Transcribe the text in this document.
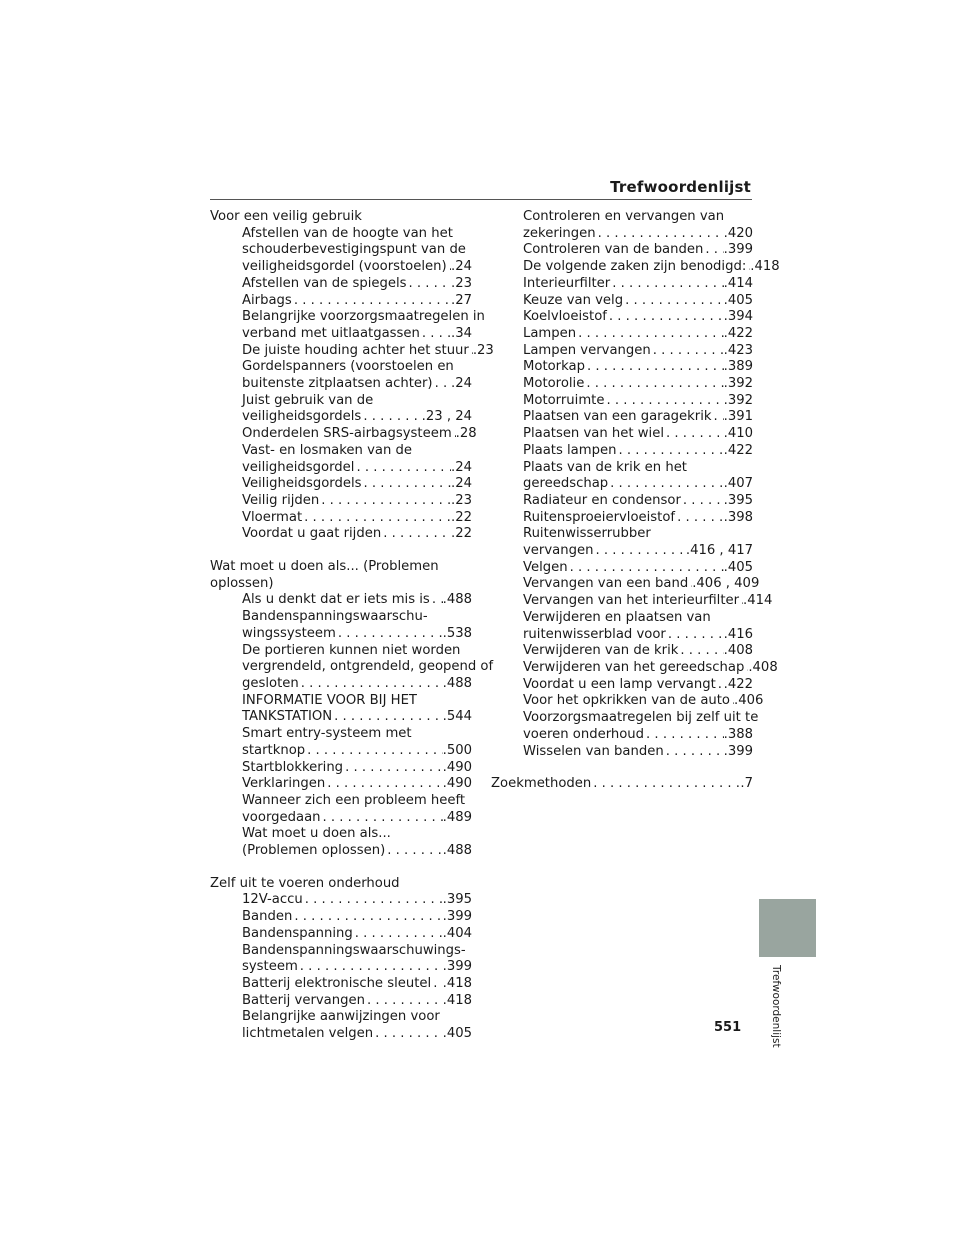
Trefwoordenlijst
Voor een veilig gebruik
Afstellen van de hoogte van het
schouderbevestigingspunt van de
veiligheidsgordel (voorstoelen) . . . .24
Afstellen van de spiegels . . .	.23
Airbags . . .	.27
Belangrijke voorzorgsmaatregelen in
verband met uitlaatgassen . . . .34
De juiste houding achter het stuur . . . .23
Gordelspanners (voorstoelen en
buitenste zitplaatsen achter) . . . .24
Juist gebruik van de
veiligheidsgordels . . .	.23 , 24
Onderdelen SRS-airbagsysteem . . . .28
Vast- en losmaken van de
veiligheidsgordel . . .	.24
Veiligheidsgordels . . .	.24
Veilig rijden . . .	.23
Vloermat . . .	.22
Voordat u gaat rijden . . .	.22
Wat moet u doen als... (Problemen
oplossen)
Als u denkt dat er iets mis is . . . .488
Bandenspanningswaarschu-
wingssysteem . . .	.538
De portieren kunnen niet worden
vergrendeld, ontgrendeld, geopend of
gesloten . . .	.488
INFORMATIE VOOR BIJ HET
TANKSTATION . . .	.544
Smart entry-systeem met
startknop . . .	.500
Startblokkering . . .	.490
Verklaringen . . .	.490
Wanneer zich een probleem heeft
voorgedaan . . .	.489
Wat moet u doen als...
(Problemen oplossen) . . .	.488
Zelf uit te voeren onderhoud
12V-accu . . .	.395
Banden . . .	.399
Bandenspanning . . .	.404
Bandenspanningswaarschuwings-
systeem . . .	.399
Batterij elektronische sleutel . . . .418
Batterij vervangen . . .	.418
Belangrijke aanwijzingen voor
lichtmetalen velgen . . .	.405
Controleren en vervangen van
zekeringen . . .	.420
Controleren van de banden . . . .399
De volgende zaken zijn benodigd: . . . .418
Interieurfilter . . .	.414
Keuze van velg . . .	.405
Koelvloeistof . . .	.394
Lampen . . .	.422
Lampen vervangen . . .	.423
Motorkap . . .	.389
Motorolie . . .	.392
Motorruimte . . .	.392
Plaatsen van een garagekrik . . . .391
Plaatsen van het wiel . . .	.410
Plaats lampen . . .	.422
Plaats van de krik en het
gereedschap . . .	.407
Radiateur en condensor . . .	.395
Ruitensproeiervloeistof . . .	.398
Ruitenwisserrubber
vervangen . . .	.416 , 417
Velgen . . .	.405
Vervangen van een band . . . .406 , 409
Vervangen van het interieurfilter . . . .414
Verwijderen en plaatsen van
ruitenwisserblad voor . . .	.416
Verwijderen van de krik . . .	.408
Verwijderen van het gereedschap . . . .408
Voordat u een lamp vervangt . . . .422
Voor het opkrikken van de auto . . . .406
Voorzorgsmaatregelen bij zelf uit te
voeren onderhoud . . .	.388
Wisselen van banden . . .	.399
Zoekmethoden . . .	.7
Trefwoordenlijst
551
